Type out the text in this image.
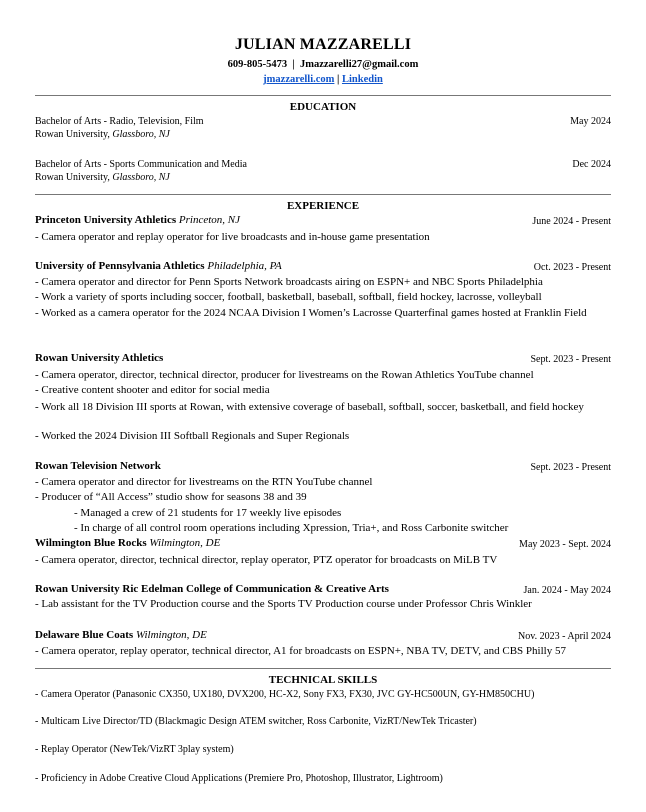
JULIAN MAZZARELLI
609-805-5473 | Jmazzarelli27@gmail.com
jmazzarelli.com | Linkedin
EDUCATION
Bachelor of Arts - Radio, Television, Film	May 2024
Rowan University, Glassboro, NJ
Bachelor of Arts - Sports Communication and Media	Dec 2024
Rowan University, Glassboro, NJ
EXPERIENCE
Princeton University Athletics Princeton, NJ	June 2024 - Present
- Camera operator and replay operator for live broadcasts and in-house game presentation
University of Pennsylvania Athletics Philadelphia, PA	Oct. 2023 - Present
- Camera operator and director for Penn Sports Network broadcasts airing on ESPN+ and NBC Sports Philadelphia
- Work a variety of sports including soccer, football, basketball, baseball, softball, field hockey, lacrosse, volleyball
- Worked as a camera operator for the 2024 NCAA Division I Women’s Lacrosse Quarterfinal games hosted at Franklin Field
Rowan University Athletics	Sept. 2023 - Present
- Camera operator, director, technical director, producer for livestreams on the Rowan Athletics YouTube channel
- Creative content shooter and editor for social media
- Work all 18 Division III sports at Rowan, with extensive coverage of baseball, softball, soccer, basketball, and field hockey
- Worked the 2024 Division III Softball Regionals and Super Regionals
Rowan Television Network	Sept. 2023 - Present
- Camera operator and director for livestreams on the RTN YouTube channel
- Producer of “All Access” studio show for seasons 38 and 39
- Managed a crew of 21 students for 17 weekly live episodes
- In charge of all control room operations including Xpression, Tria+, and Ross Carbonite switcher
Wilmington Blue Rocks Wilmington, DE	May 2023 - Sept. 2024
- Camera operator, director, technical director, replay operator, PTZ operator for broadcasts on MiLB TV
Rowan University Ric Edelman College of Communication & Creative Arts	Jan. 2024 - May 2024
- Lab assistant for the TV Production course and the Sports TV Production course under Professor Chris Winkler
Delaware Blue Coats Wilmington, DE	Nov. 2023 - April 2024
- Camera operator, replay operator, technical director, A1 for broadcasts on ESPN+, NBA TV, DETV, and CBS Philly 57
TECHNICAL SKILLS
- Camera Operator (Panasonic CX350, UX180, DVX200, HC-X2, Sony FX3, FX30, JVC GY-HC500UN, GY-HM850CHU)
- Multicam Live Director/TD (Blackmagic Design ATEM switcher, Ross Carbonite, VizRT/NewTek Tricaster)
- Replay Operator (NewTek/VizRT 3play system)
- Proficiency in Adobe Creative Cloud Applications (Premiere Pro, Photoshop, Illustrator, Lightroom)
